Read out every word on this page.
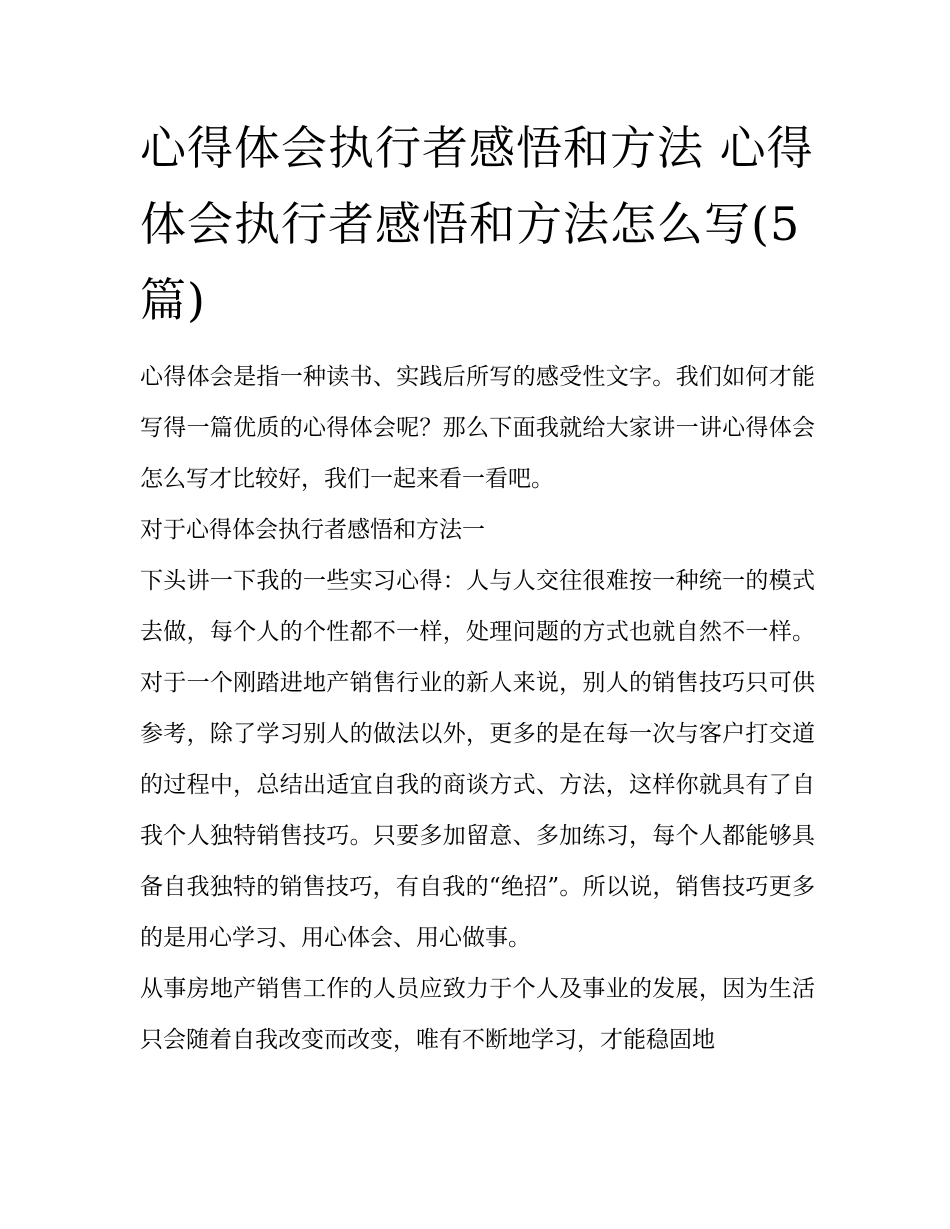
心得体会执行者感悟和方法 心得体会执行者感悟和方法怎么写(5篇)

心得体会是指一种读书、实践后所写的感受性文字。我们如何才能写得一篇优质的心得体会呢？那么下面我就给大家讲一讲心得体会怎么写才比较好，我们一起来看一看吧。

对于心得体会执行者感悟和方法一

下头讲一下我的一些实习心得：人与人交往很难按一种统一的模式去做，每个人的个性都不一样，处理问题的方式也就自然不一样。对于一个刚踏进地产销售行业的新人来说，别人的销售技巧只可供参考，除了学习别人的做法以外，更多的是在每一次与客户打交道的过程中，总结出适宜自我的商谈方式、方法，这样你就具有了自我个人独特销售技巧。只要多加留意、多加练习，每个人都能够具备自我独特的销售技巧，有自我的“绝招”。所以说，销售技巧更多的是用心学习、用心体会、用心做事。

从事房地产销售工作的人员应致力于个人及事业的发展，因为生活只会随着自我改变而改变，唯有不断地学习，才能稳固地
